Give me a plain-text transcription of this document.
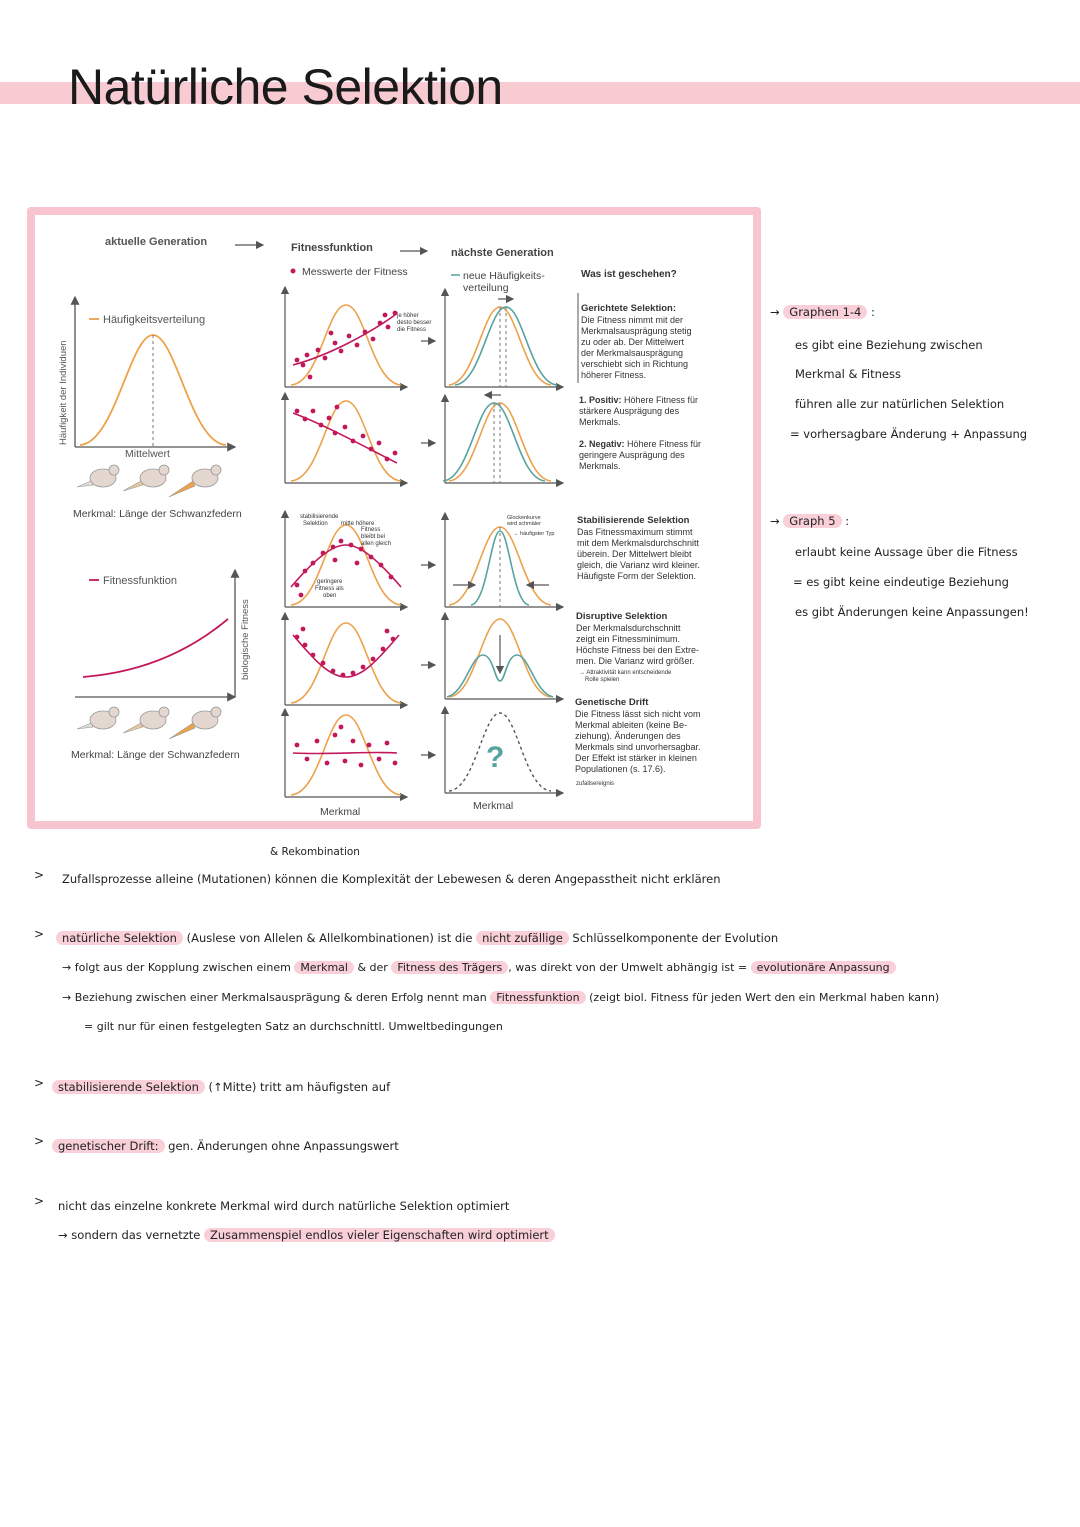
Natürliche Selektion
aktuelle Generation	Fitnessfunktion	nächste Generation
Messwerte der Fitness	neue Häufigkeits-
verteilung
Was ist geschehen?
Häufigkeit der Individuen
Häufigkeitsverteilung
Mittelwert
Merkmal: Länge der Schwanzfedern
Fitnessfunktion
biologische Fitness
Merkmal: Länge der Schwanzfedern
je höher
desto besser
die Fitness
stabilisierende
Selektion mitte höhere
Fitness
bleibt bei
allen gleich
geringere
Fitness als
oben
Merkmal
Glockenkurve
wird schmäler
→ häufigster Typ
?
Merkmal
Gerichtete Selektion:
Die Fitness nimmt mit der
Merkmalsausprägung stetig
zu oder ab. Der Mittelwert
der Merkmalsausprägung
verschiebt sich in Richtung
höherer Fitness.
1. Positiv: Höhere Fitness für
stärkere Ausprägung des
Merkmals.
2. Negativ: Höhere Fitness für
geringere Ausprägung des
Merkmals.
Stabilisierende Selektion
Das Fitnessmaximum stimmt
mit dem Merkmalsdurchschnitt
überein. Der Mittelwert bleibt
gleich, die Varianz wird kleiner.
Häufigste Form der Selektion.
Disruptive Selektion
Der Merkmalsdurchschnitt
zeigt ein Fitnessminimum.
Höchste Fitness bei den Extre-
men. Die Varianz wird größer.
→ Attraktivität kann entscheidende
Rolle spielen
Genetische Drift
Die Fitness lässt sich nicht vom
Merkmal ableiten (keine Be-
ziehung). Änderungen des
Merkmals sind unvorhersagbar.
Der Effekt ist stärker in kleinen
Populationen (s. 17.6).
zufallsereignis
→ Graphen 1-4 :
es gibt eine Beziehung zwischen
Merkmal & Fitness
führen alle zur natürlichen Selektion
= vorhersagbare Änderung + Anpassung
→ Graph 5 :
erlaubt keine Aussage über die Fitness
= es gibt keine eindeutige Beziehung
es gibt Änderungen keine Anpassungen!
& Rekombination
> Zufallsprozesse alleine (Mutationen) können die Komplexität der Lebewesen & deren Angepasstheit nicht erklären
>	natürliche Selektion (Auslese von Allelen & Allelkombinationen) ist die nicht zufällige Schlüsselkomponente der Evolution
→ folgt aus der Kopplung zwischen einem Merkmal & der Fitness des Trägers , was direkt von der Umwelt abhängig ist = evolutionäre Anpassung
→ Beziehung zwischen einer Merkmalsausprägung & deren Erfolg nennt man Fitnessfunktion (zeigt biol. Fitness für jeden Wert den ein Merkmal haben kann)
= gilt nur für einen festgelegten Satz an durchschnittl. Umweltbedingungen
>	stabilisierende Selektion (↑Mitte) tritt am häufigsten auf
>	genetischer Drift: gen. Änderungen ohne Anpassungswert
> nicht das einzelne konkrete Merkmal wird durch natürliche Selektion optimiert
→ sondern das vernetzte Zusammenspiel endlos vieler Eigenschaften wird optimiert
